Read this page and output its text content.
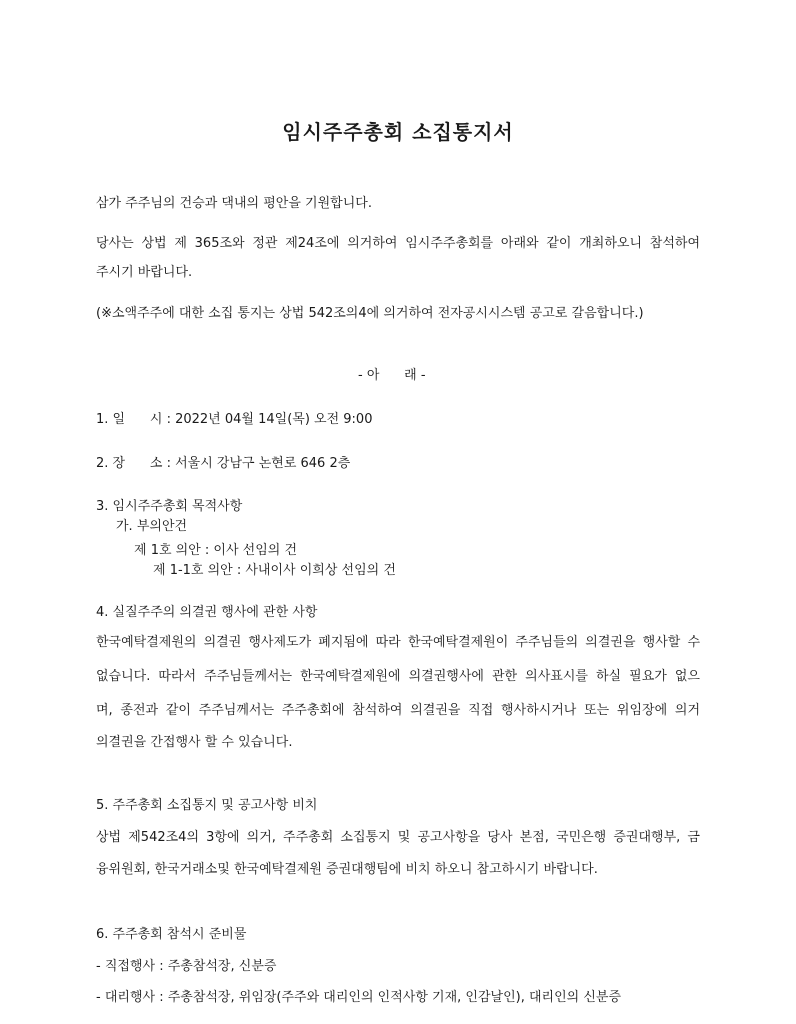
임시주주총회 소집통지서
삼가 주주님의 건승과 댁내의 평안을 기원합니다.
당사는 상법 제 365조와 정관 제24조에 의거하여 임시주주총회를 아래와 같이 개최하오니 참석하여
주시기 바랍니다.
(※소액주주에 대한 소집 통지는 상법 542조의4에 의거하여 전자공시시스템 공고로 갈음합니다.)
- 아      래 -
1. 일      시 : 2022년 04월 14일(목) 오전 9:00
2. 장      소 : 서울시 강남구 논현로 646 2층
3. 임시주주총회 목적사항
가. 부의안건
제 1호 의안 : 이사 선임의 건
제 1-1호 의안 : 사내이사 이희상 선임의 건
4. 실질주주의 의결권 행사에 관한 사항
한국예탁결제원의 의결권 행사제도가 폐지됨에 따라 한국예탁결제원이 주주님들의 의결권을 행사할 수
없습니다. 따라서 주주님들께서는 한국예탁결제원에 의결권행사에 관한 의사표시를 하실 필요가 없으
며, 종전과 같이 주주님께서는 주주총회에 참석하여 의결권을 직접 행사하시거나 또는 위임장에 의거
의결권을 간접행사 할 수 있습니다.
5. 주주총회 소집통지 및 공고사항 비치
상법 제542조4의 3항에 의거, 주주총회 소집통지 및 공고사항을 당사 본점, 국민은행 증권대행부, 금
융위원회, 한국거래소및 한국예탁결제원 증권대행팀에 비치 하오니 참고하시기 바랍니다.
6. 주주총회 참석시 준비물
- 직접행사 : 주총참석장, 신분증
- 대리행사 : 주총참석장, 위임장(주주와 대리인의 인적사항 기재, 인감날인), 대리인의 신분증
